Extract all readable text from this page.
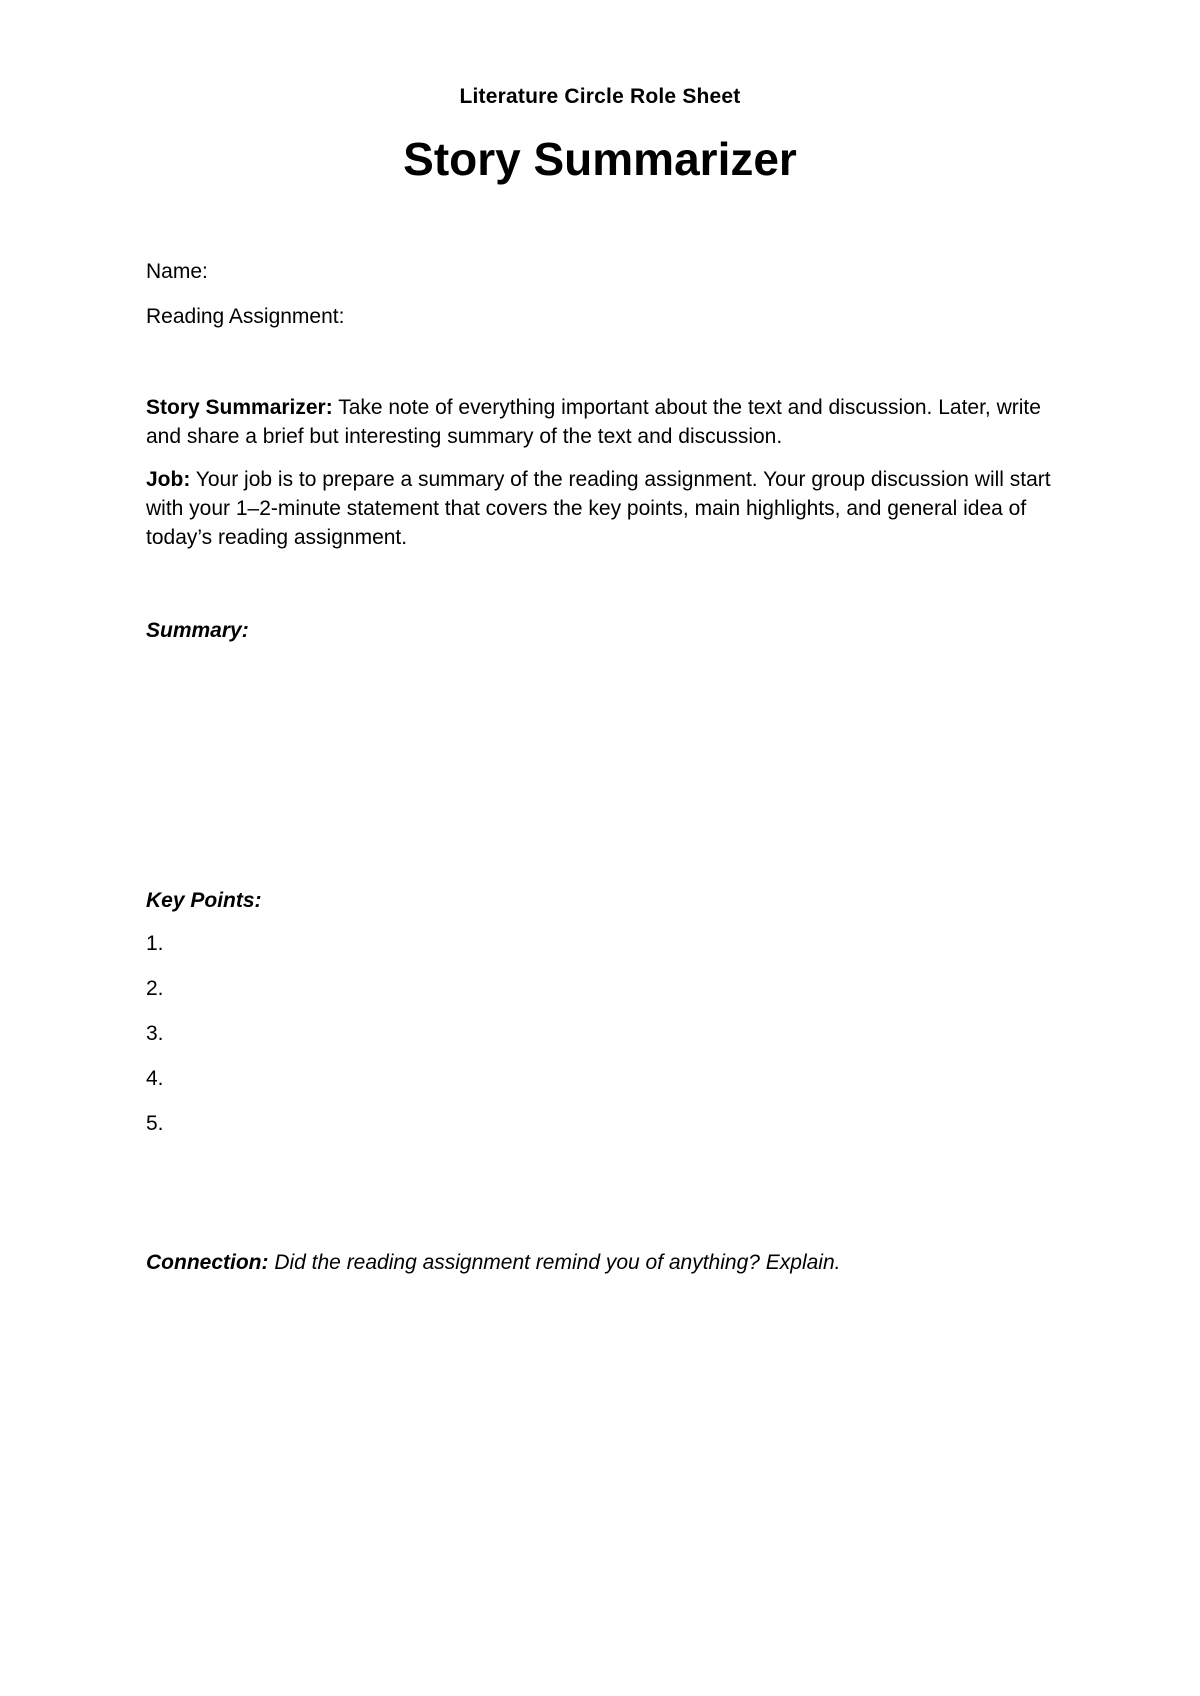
Literature Circle Role Sheet
Story Summarizer
Name:
Reading Assignment:

Story Summarizer: Take note of everything important about the text and discussion. Later, write and share a brief but interesting summary of the text and discussion.

Job: Your job is to prepare a summary of the reading assignment. Your group discussion will start with your 1–2-minute statement that covers the key points, main highlights, and general idea of today’s reading assignment.

Summary:
Key Points:
1.
2.
3.
4.
5.
Connection: Did the reading assignment remind you of anything? Explain.
